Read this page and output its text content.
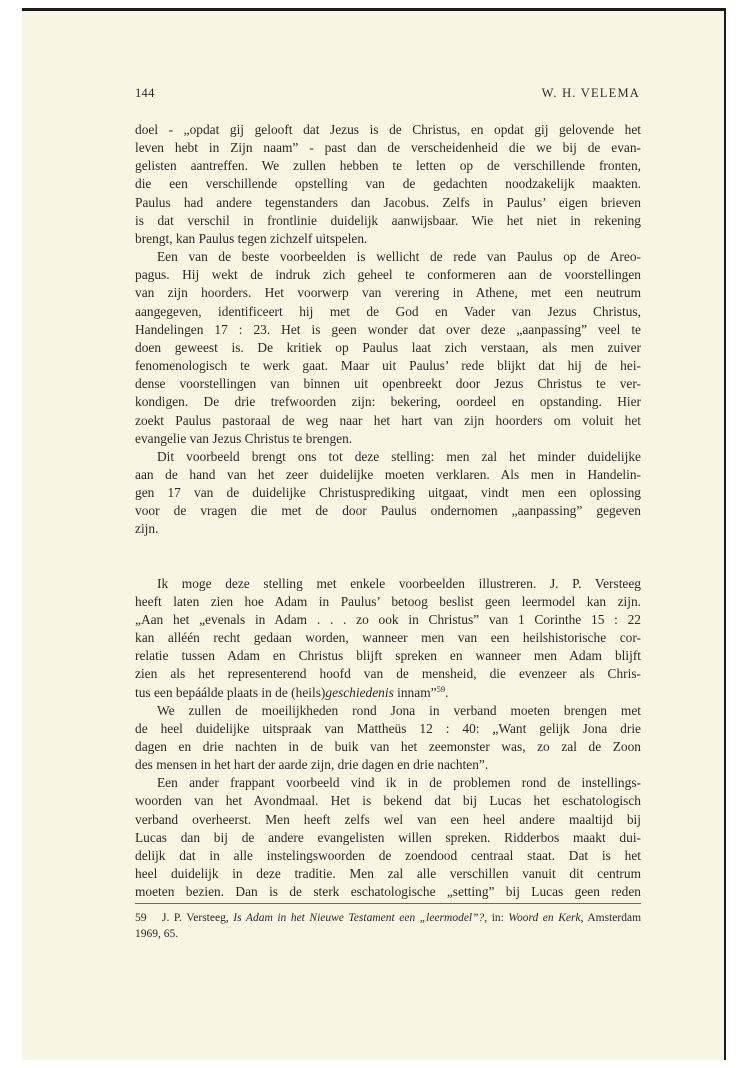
144	W. H. VELEMA

doel - „opdat gij gelooft dat Jezus is de Christus, en opdat gij gelovende het

leven hebt in Zijn naam” - past dan de verscheidenheid die we bij de evan-

gelisten aantreffen. We zullen hebben te letten op de verschillende fronten,

die een verschillende opstelling van de gedachten noodzakelijk maakten.

Paulus had andere tegenstanders dan Jacobus. Zelfs in Paulus’ eigen brieven

is dat verschil in frontlinie duidelijk aanwijsbaar. Wie het niet in rekening

brengt, kan Paulus tegen zichzelf uitspelen.

Een van de beste voorbeelden is wellicht de rede van Paulus op de Areo-

pagus. Hij wekt de indruk zich geheel te conformeren aan de voorstellingen

van zijn hoorders. Het voorwerp van verering in Athene, met een neutrum

aangegeven, identificeert hij met de God en Vader van Jezus Christus,

Handelingen 17 : 23. Het is geen wonder dat over deze „aanpassing” veel te

doen geweest is. De kritiek op Paulus laat zich verstaan, als men zuiver

fenomenologisch te werk gaat. Maar uit Paulus’ rede blijkt dat hij de hei-

dense voorstellingen van binnen uit openbreekt door Jezus Christus te ver-

kondigen. De drie trefwoorden zijn: bekering, oordeel en opstanding. Hier

zoekt Paulus pastoraal de weg naar het hart van zijn hoorders om voluit het

evangelie van Jezus Christus te brengen.

Dit voorbeeld brengt ons tot deze stelling: men zal het minder duidelijke

aan de hand van het zeer duidelijke moeten verklaren. Als men in Handelin-

gen 17 van de duidelijke Christusprediking uitgaat, vindt men een oplossing

voor de vragen die met de door Paulus ondernomen „aanpassing” gegeven

zijn.

Ik moge deze stelling met enkele voorbeelden illustreren. J. P. Versteeg

heeft laten zien hoe Adam in Paulus’ betoog beslist geen leermodel kan zijn.

„Aan het „evenals in Adam . . . zo ook in Christus” van 1 Corinthe 15 : 22

kan alléén recht gedaan worden, wanneer men van een heilshistorische cor-

relatie tussen Adam en Christus blijft spreken en wanneer men Adam blijft

zien als het representerend hoofd van de mensheid, die evenzeer als Chris-

tus een bepáálde plaats in de (heils)geschiedenis innam”$^{59}$.

We zullen de moeilijkheden rond Jona in verband moeten brengen met

de heel duidelijke uitspraak van Mattheüs 12 : 40: „Want gelijk Jona drie

dagen en drie nachten in de buik van het zeemonster was, zo zal de Zoon

des mensen in het hart der aarde zijn, drie dagen en drie nachten”.

Een ander frappant voorbeeld vind ik in de problemen rond de instellings-

woorden van het Avondmaal. Het is bekend dat bij Lucas het eschatologisch

verband overheerst. Men heeft zelfs wel van een heel andere maaltijd bij

Lucas dan bij de andere evangelisten willen spreken. Ridderbos maakt dui-

delijk dat in alle instelingswoorden de zoendood centraal staat. Dat is het

heel duidelijk in deze traditie. Men zal alle verschillen vanuit dit centrum

moeten bezien. Dan is de sterk eschatologische „setting” bij Lucas geen reden

59 J. P. Versteeg, Is Adam in het Nieuwe Testament een „leermodel”?, in: Woord en Kerk, Amsterdam 1969, 65.
